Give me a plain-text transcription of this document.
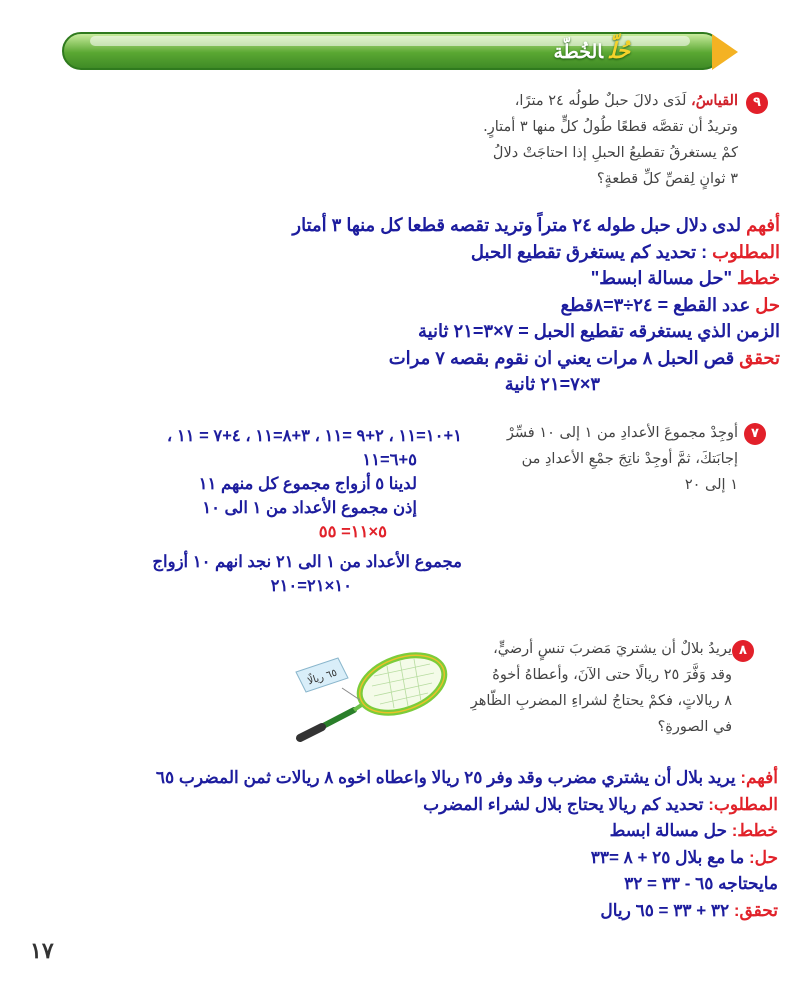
حُلّالخُطّة
٩
القياسُ، لَدَى دلالَ حبلٌ طولُه ٢٤ مترًا،
وتريدُ أن تقصَّه قطعًا طُولُ كلٍّ منها ٣ أمتارٍ.
كمْ يستغرقُ تقطيعُ الحبلِ إذا احتاجَتْ دلالُ
٣ ثوانٍ لِقصِّ كلِّ قطعةٍ؟
أفهم لدى دلال حبل طوله ٢٤ متراً وتريد تقصه قطعا كل منها ٣ أمتار
المطلوب : تحديد كم يستغرق تقطيع الحبل
خطط "حل مسالة ابسط"
حل عدد القطع = ٢٤÷٣=٨قطع
الزمن الذي يستغرقه تقطيع الحبل = ٧×٣=٢١ ثانية
تحقق قص الحبل ٨ مرات يعني ان نقوم بقصه ٧ مرات
٣×٧=٢١ ثانية
٧
أوجِدْ مجموعَ الأعدادِ من ١ إلى ١٠ فسِّرْ
إجابَتكَ، ثمَّ أوجِدْ ناتِجَ جمْعِ الأعدادِ من
١ إلى ٢٠
١+١٠=١١ ، ٢+٩ =١١ ، ٣+٨=١١ ، ٤+٧ = ١١ ،
٥+٦=١١
لدينا ٥ أزواج مجموع كل منهم ١١
إذن مجموع الأعداد من ١ الى ١٠
٥×١١= ٥٥
مجموع الأعداد من ١ الى ٢١ نجد انهم ١٠ أزواج
١٠×٢١=٢١٠
٨
يريدُ بلالٌ أن يشتريَ مَضربَ تنسٍ أرضيٍّ،
وقد وَفَّرَ ٢٥ ريالًا حتى الآنَ، وأعطاهُ أخوهُ
٨ ريالاتٍ، فكمْ يحتاجُ لشراءِ المضربِ الظّاهرِ
في الصورةِ؟
٦٥ ريالًا
أفهم: يريد بلال أن يشتري مضرب وقد وفر ٢٥ ريالا واعطاه اخوه ٨ ريالات ثمن المضرب ٦٥
المطلوب: تحديد كم ريالا يحتاج بلال لشراء المضرب
خطط: حل مسالة ابسط
حل: ما مع بلال ٢٥ + ٨ =٣٣
مايحتاجه ٦٥ - ٣٣ = ٣٢
تحقق: ٣٢ + ٣٣ = ٦٥ ريال
١٧
